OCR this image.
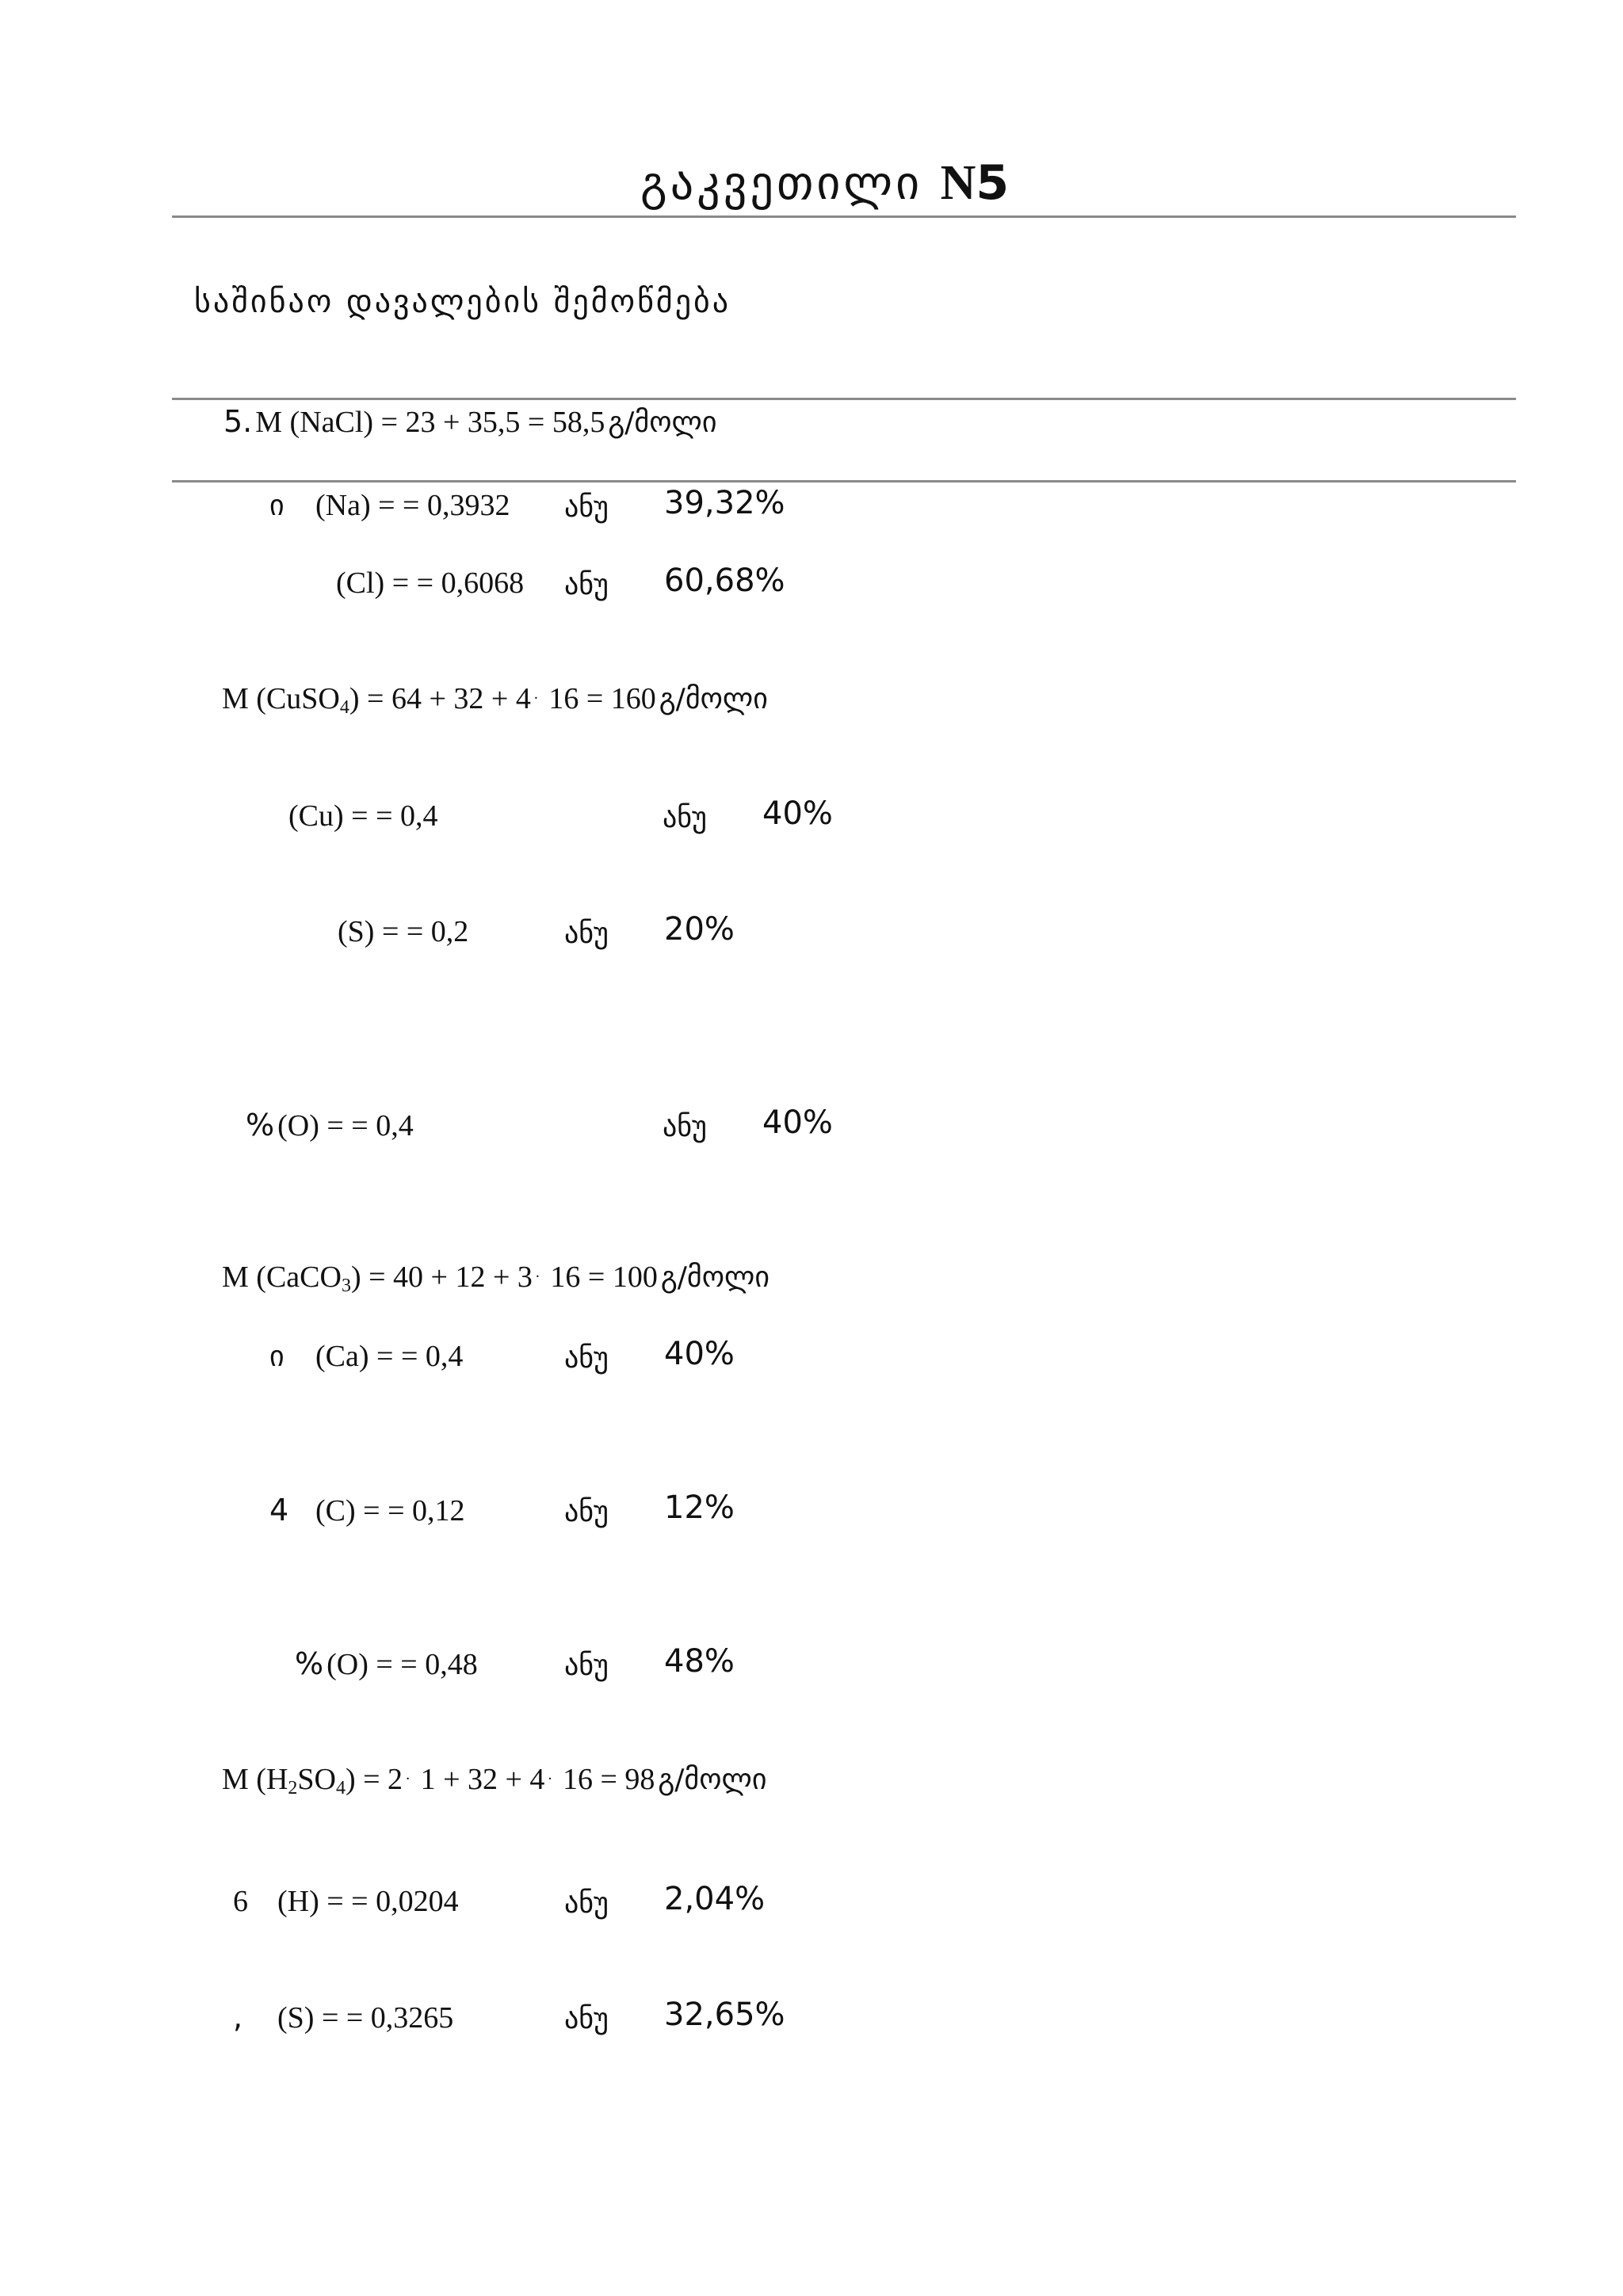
გაკვეთილი N5
საშინაო დავალების შემოწმება
5. M (NaCl) = 23 + 35,5 = 58,5 გ/მოლი
ი (Na) = = 0,3932 ანუ 39,32%
(Cl) = = 0,6068 ანუ 60,68%
M (CuSO$_4$) = 64 + 32 + 4 . 16 = 160 გ/მოლი
(Cu) = = 0,4	ანუ 40%
(S) = = 0,2	ანუ 20%
% (O) = = 0,4	ანუ 40%
M (CaCO$_3$) = 40 + 12 + 3 . 16 = 100 გ/მოლი
ი (Ca) = = 0,4	ანუ 40%
4 (C) = = 0,12	ანუ 12%
% (O) = = 0,48	ანუ 48%
M $(H_2SO_4) = 2$ . 1 + 32 + 4 . 16 = 98 გ/მოლი
6 (H) = = 0,0204	ანუ 2,04%
, (S) = = 0,3265	ანუ 32,65%
